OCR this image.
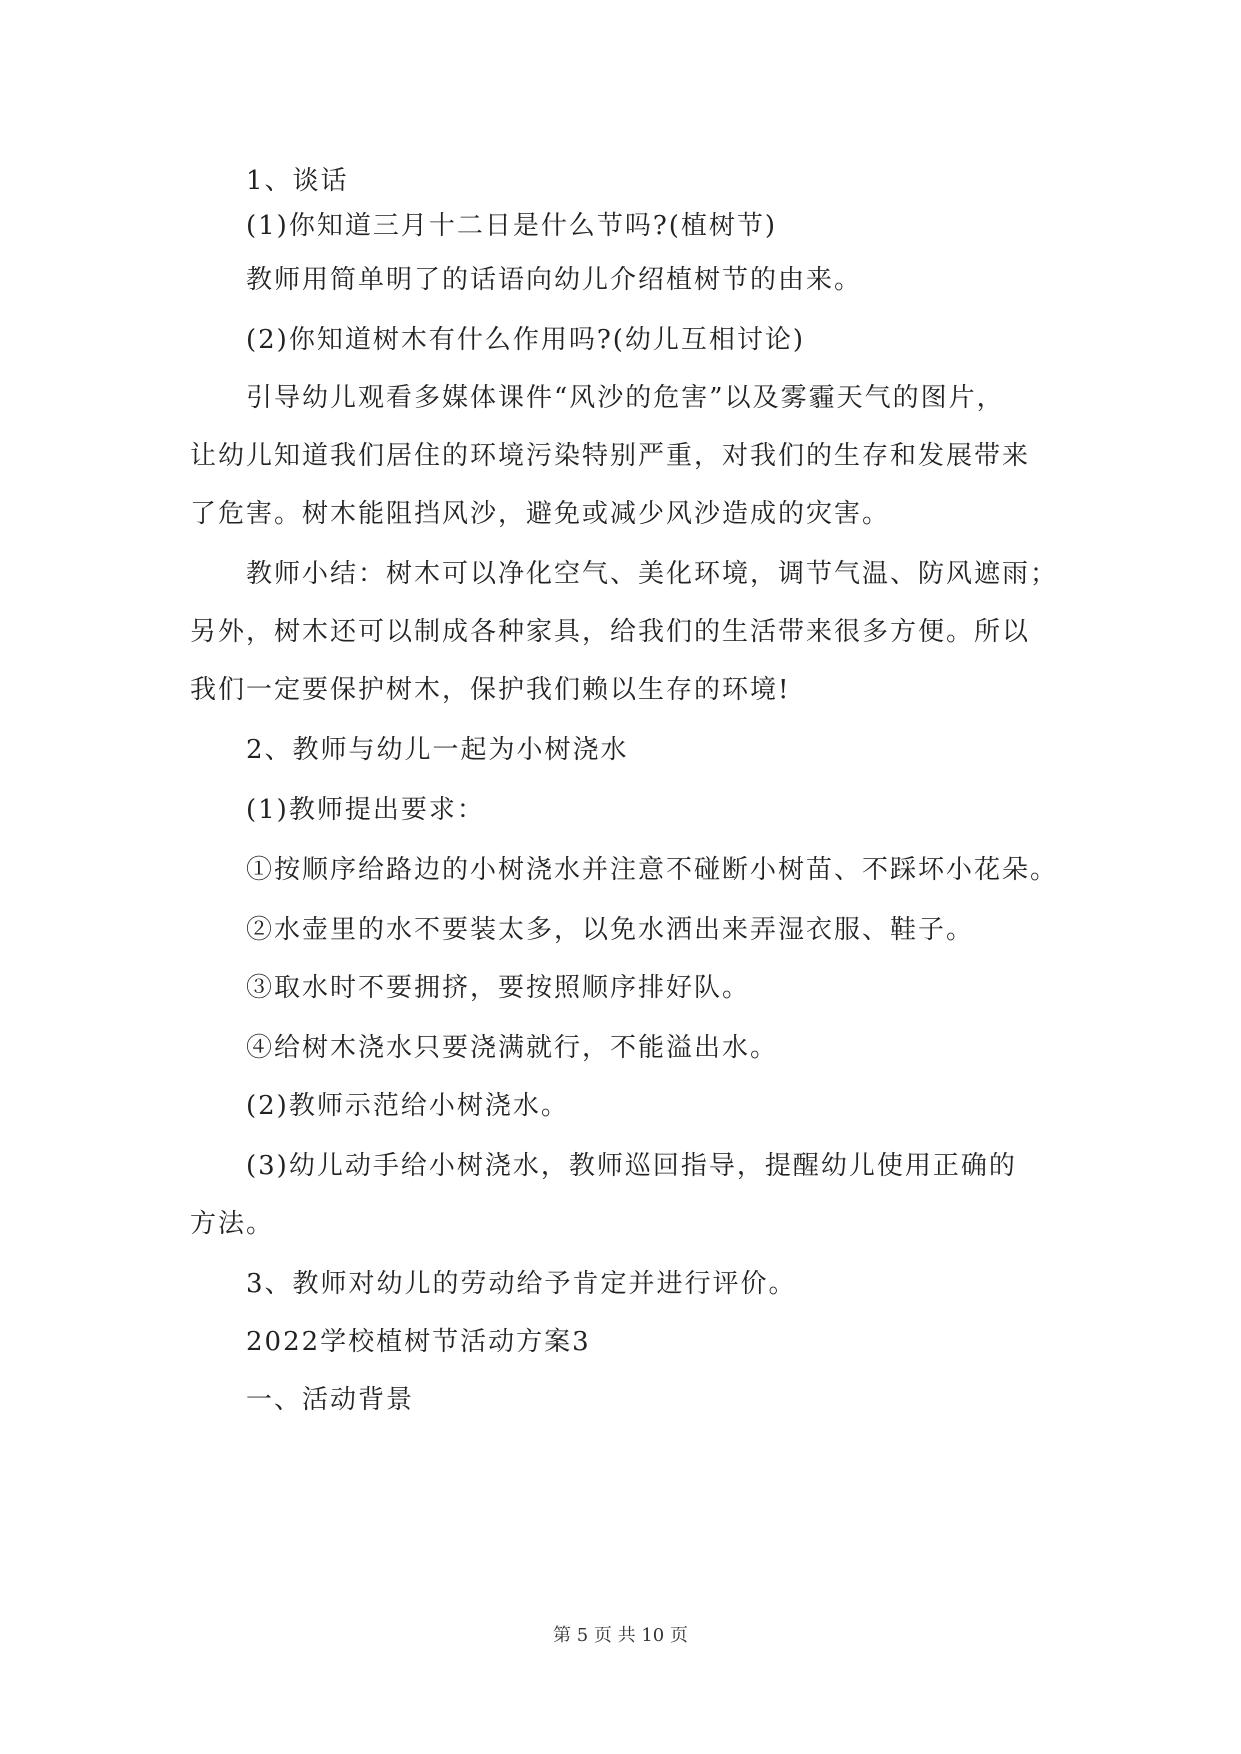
1、谈话
(1)你知道三月十二日是什么节吗?(植树节)
教师用简单明了的话语向幼儿介绍植树节的由来。
(2)你知道树木有什么作用吗?(幼儿互相讨论)
引导幼儿观看多媒体课件“风沙的危害”以及雾霾天气的图片，
让幼儿知道我们居住的环境污染特别严重，对我们的生存和发展带来
了危害。树木能阻挡风沙，避免或减少风沙造成的灾害。
教师小结：树木可以净化空气、美化环境，调节气温、防风遮雨；
另外，树木还可以制成各种家具，给我们的生活带来很多方便。所以
我们一定要保护树木，保护我们赖以生存的环境!
2、教师与幼儿一起为小树浇水
(1)教师提出要求：
①按顺序给路边的小树浇水并注意不碰断小树苗、不踩坏小花朵。
②水壶里的水不要装太多，以免水洒出来弄湿衣服、鞋子。
③取水时不要拥挤，要按照顺序排好队。
④给树木浇水只要浇满就行，不能溢出水。
(2)教师示范给小树浇水。
(3)幼儿动手给小树浇水，教师巡回指导，提醒幼儿使用正确的
方法。
3、教师对幼儿的劳动给予肯定并进行评价。
2022学校植树节活动方案3
一、活动背景
第 5 页 共 10 页
